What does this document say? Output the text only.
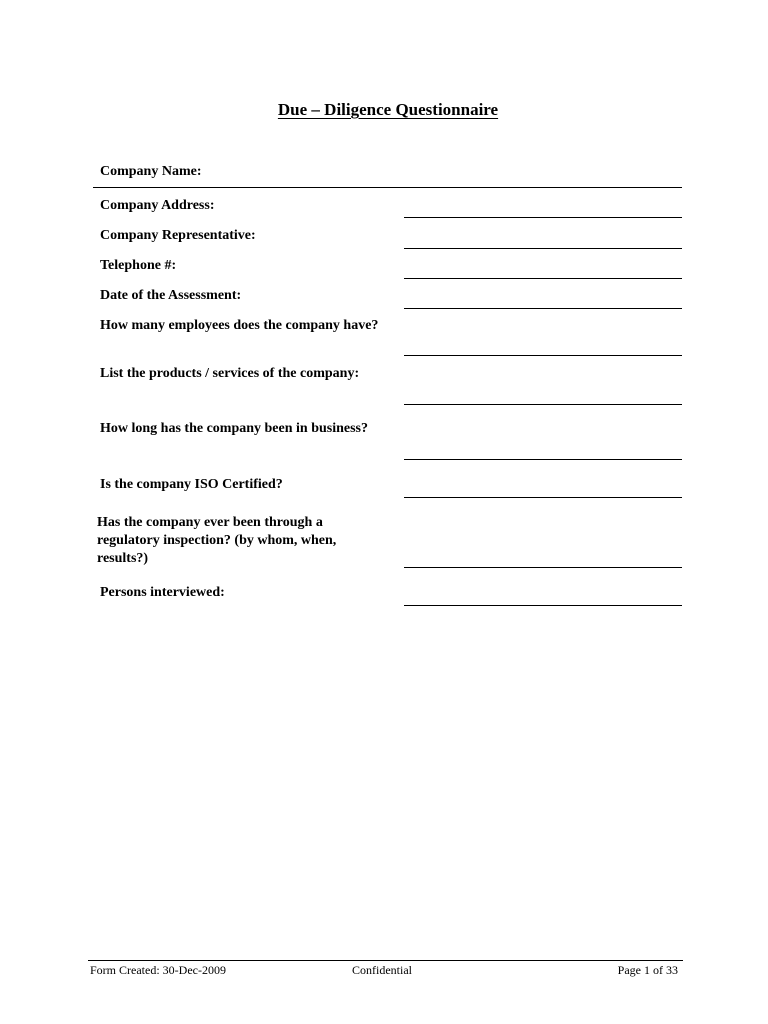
Due – Diligence Questionnaire
Company Name:
Company Address:
Company Representative:
Telephone #:
Date of the Assessment:
How many employees does the company have?
List the products / services of the company:
How long has the company been in business?
Is the company ISO Certified?
Has the company ever been through a regulatory inspection? (by whom, when, results?)
Persons interviewed:
Form Created: 30-Dec-2009	Confidential	Page 1 of 33
